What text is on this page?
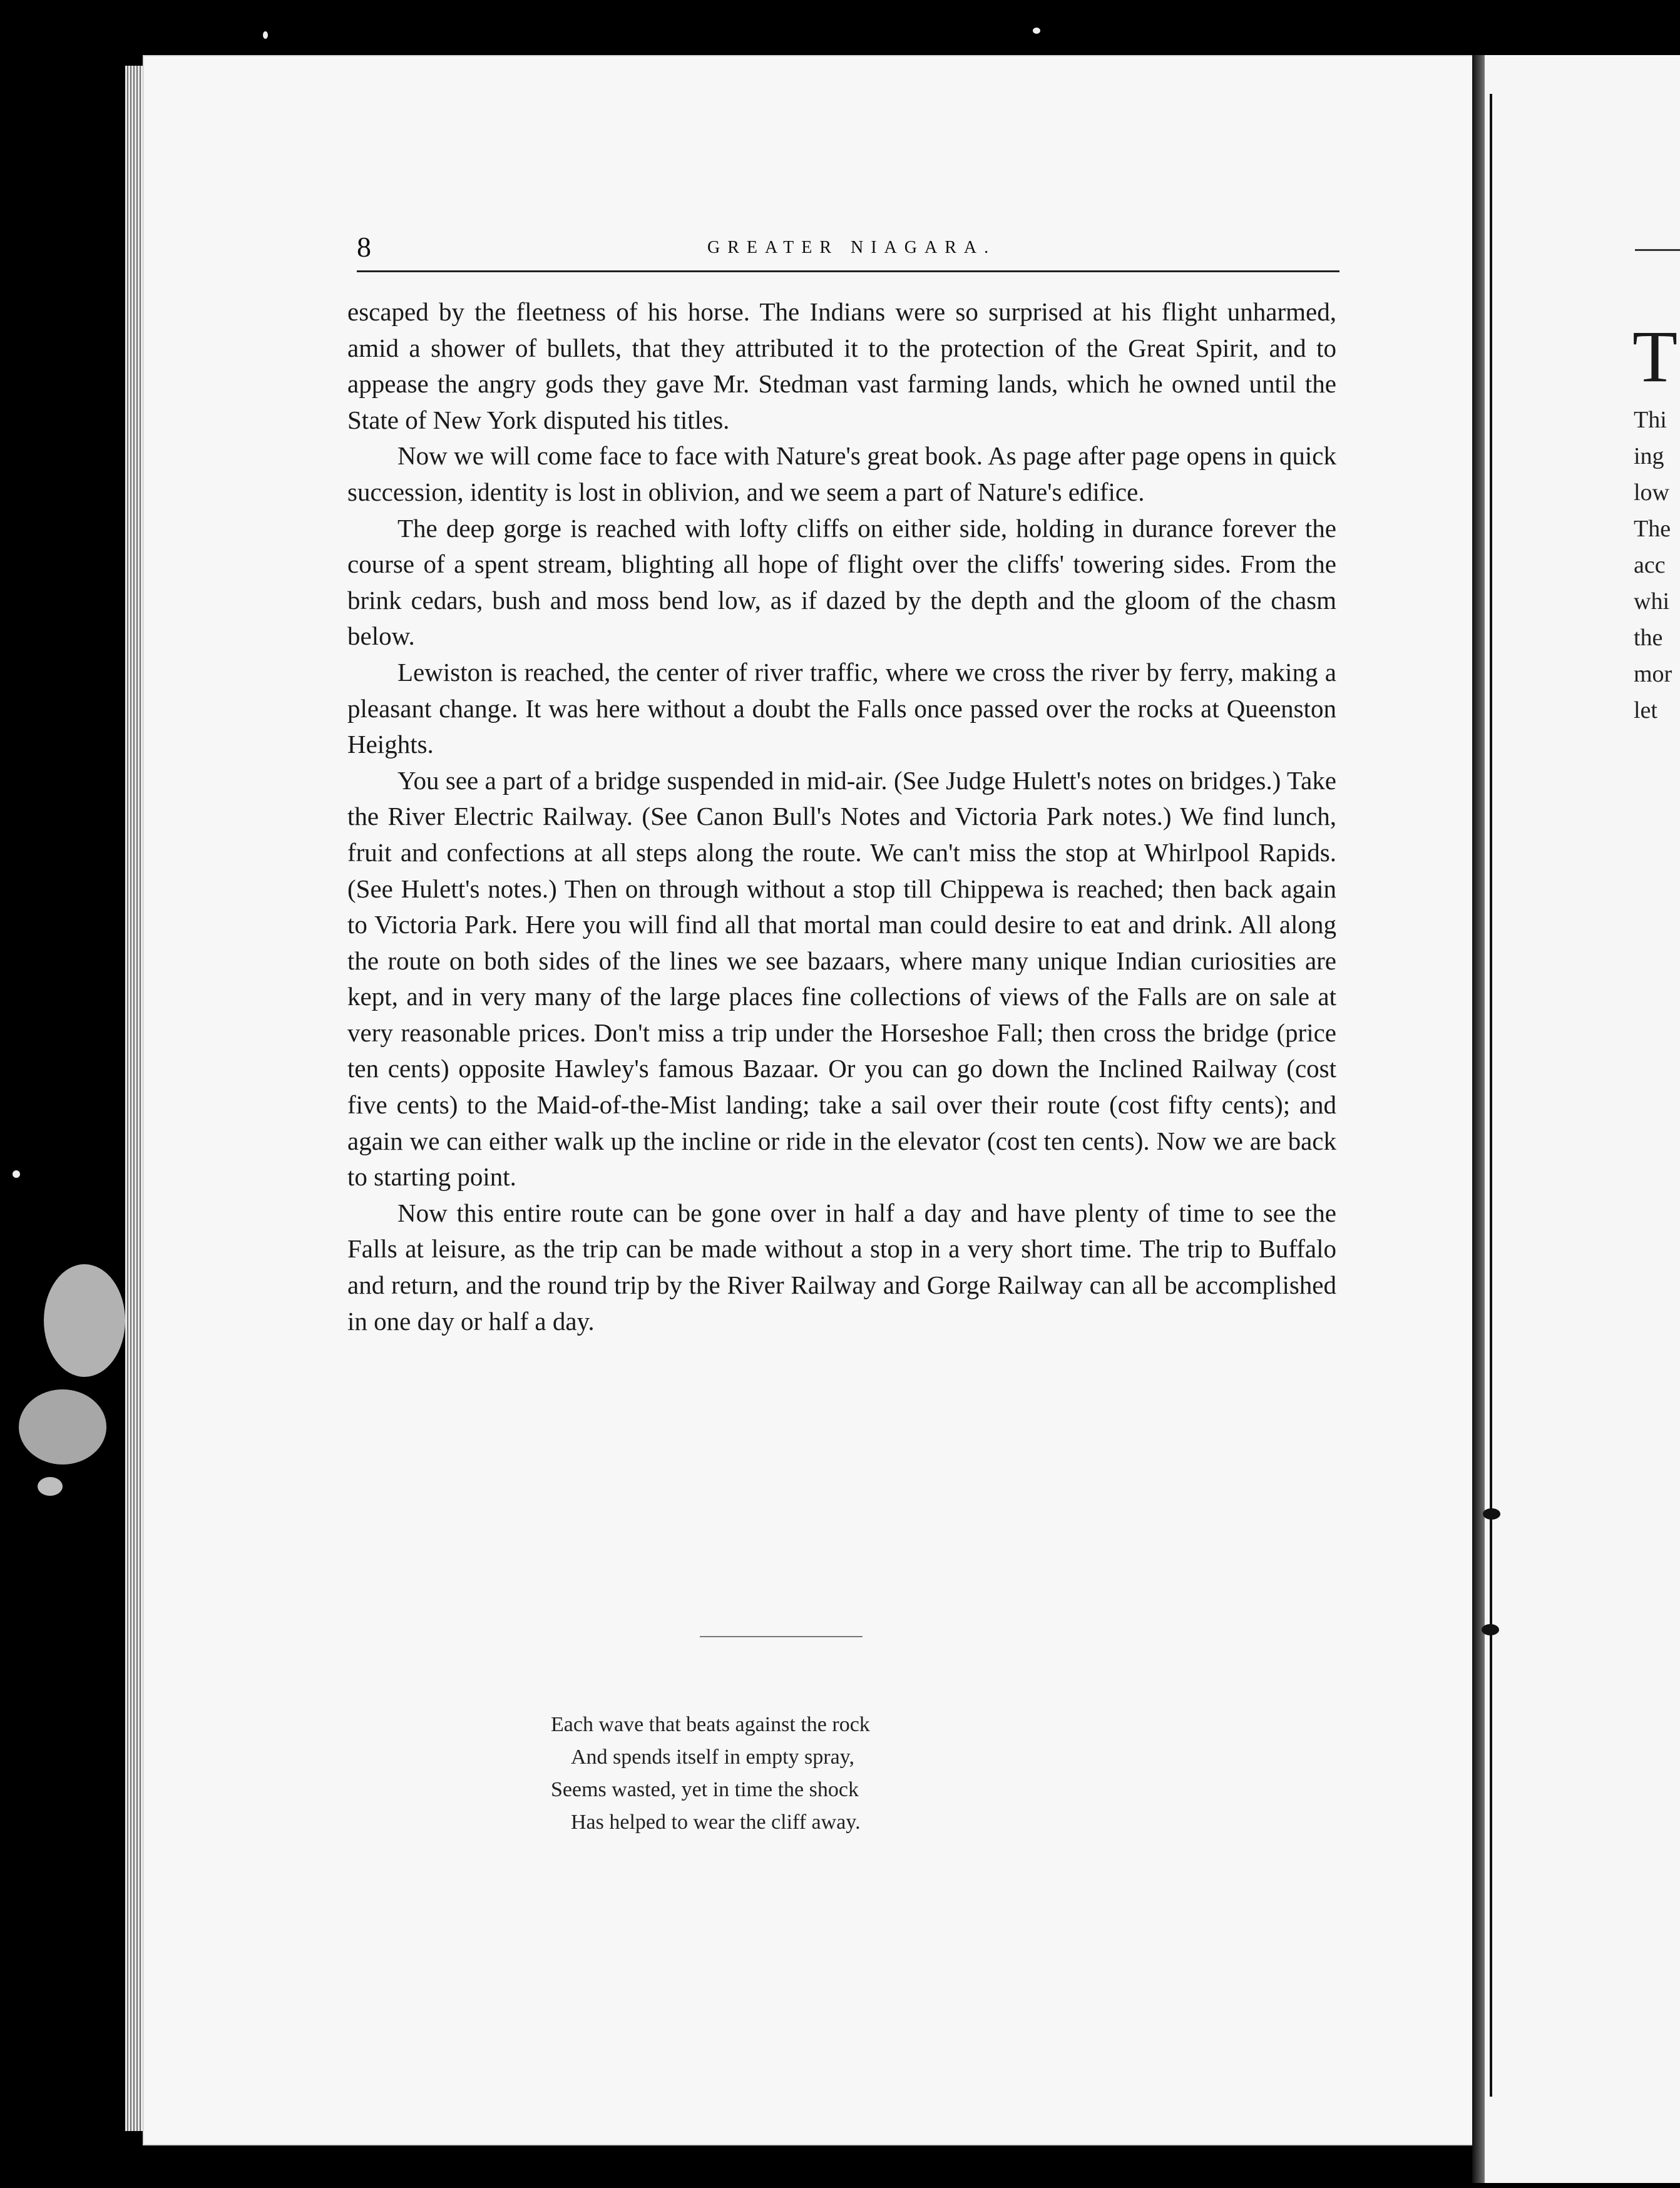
8	GREATER NIAGARA.

escaped by the fleetness of his horse. The Indians were so surprised at his flight unharmed, amid a shower of bullets, that they attributed it to the protection of the Great Spirit, and to appease the angry gods they gave Mr. Stedman vast farming lands, which he owned until the State of New York disputed his titles.

Now we will come face to face with Nature's great book. As page after page opens in quick succession, identity is lost in oblivion, and we seem a part of Nature's edifice.

The deep gorge is reached with lofty cliffs on either side, holding in durance forever the course of a spent stream, blighting all hope of flight over the cliffs' towering sides. From the brink cedars, bush and moss bend low, as if dazed by the depth and the gloom of the chasm below.

Lewiston is reached, the center of river traffic, where we cross the river by ferry, making a pleasant change. It was here without a doubt the Falls once passed over the rocks at Queenston Heights.

You see a part of a bridge suspended in mid-air. (See Judge Hulett's notes on bridges.) Take the River Electric Railway. (See Canon Bull's Notes and Victoria Park notes.) We find lunch, fruit and confections at all steps along the route. We can't miss the stop at Whirlpool Rapids. (See Hulett's notes.) Then on through without a stop till Chippewa is reached; then back again to Victoria Park. Here you will find all that mortal man could desire to eat and drink. All along the route on both sides of the lines we see bazaars, where many unique Indian curiosities are kept, and in very many of the large places fine collections of views of the Falls are on sale at very reasonable prices. Don't miss a trip under the Horseshoe Fall; then cross the bridge (price ten cents) opposite Hawley's famous Bazaar. Or you can go down the Inclined Railway (cost five cents) to the Maid-of-the-Mist landing; take a sail over their route (cost fifty cents); and again we can either walk up the incline or ride in the elevator (cost ten cents). Now we are back to starting point.

Now this entire route can be gone over in half a day and have plenty of time to see the Falls at leisure, as the trip can be made without a stop in a very short time. The trip to Buffalo and return, and the round trip by the River Railway and Gorge Railway can all be accomplished in one day or half a day.

Each wave that beats against the rock
And spends itself in empty spray,
Seems wasted, yet in time the shock
Has helped to wear the cliff away.
T
Thi
ing
low
The
acc
whi
the
mor
let
